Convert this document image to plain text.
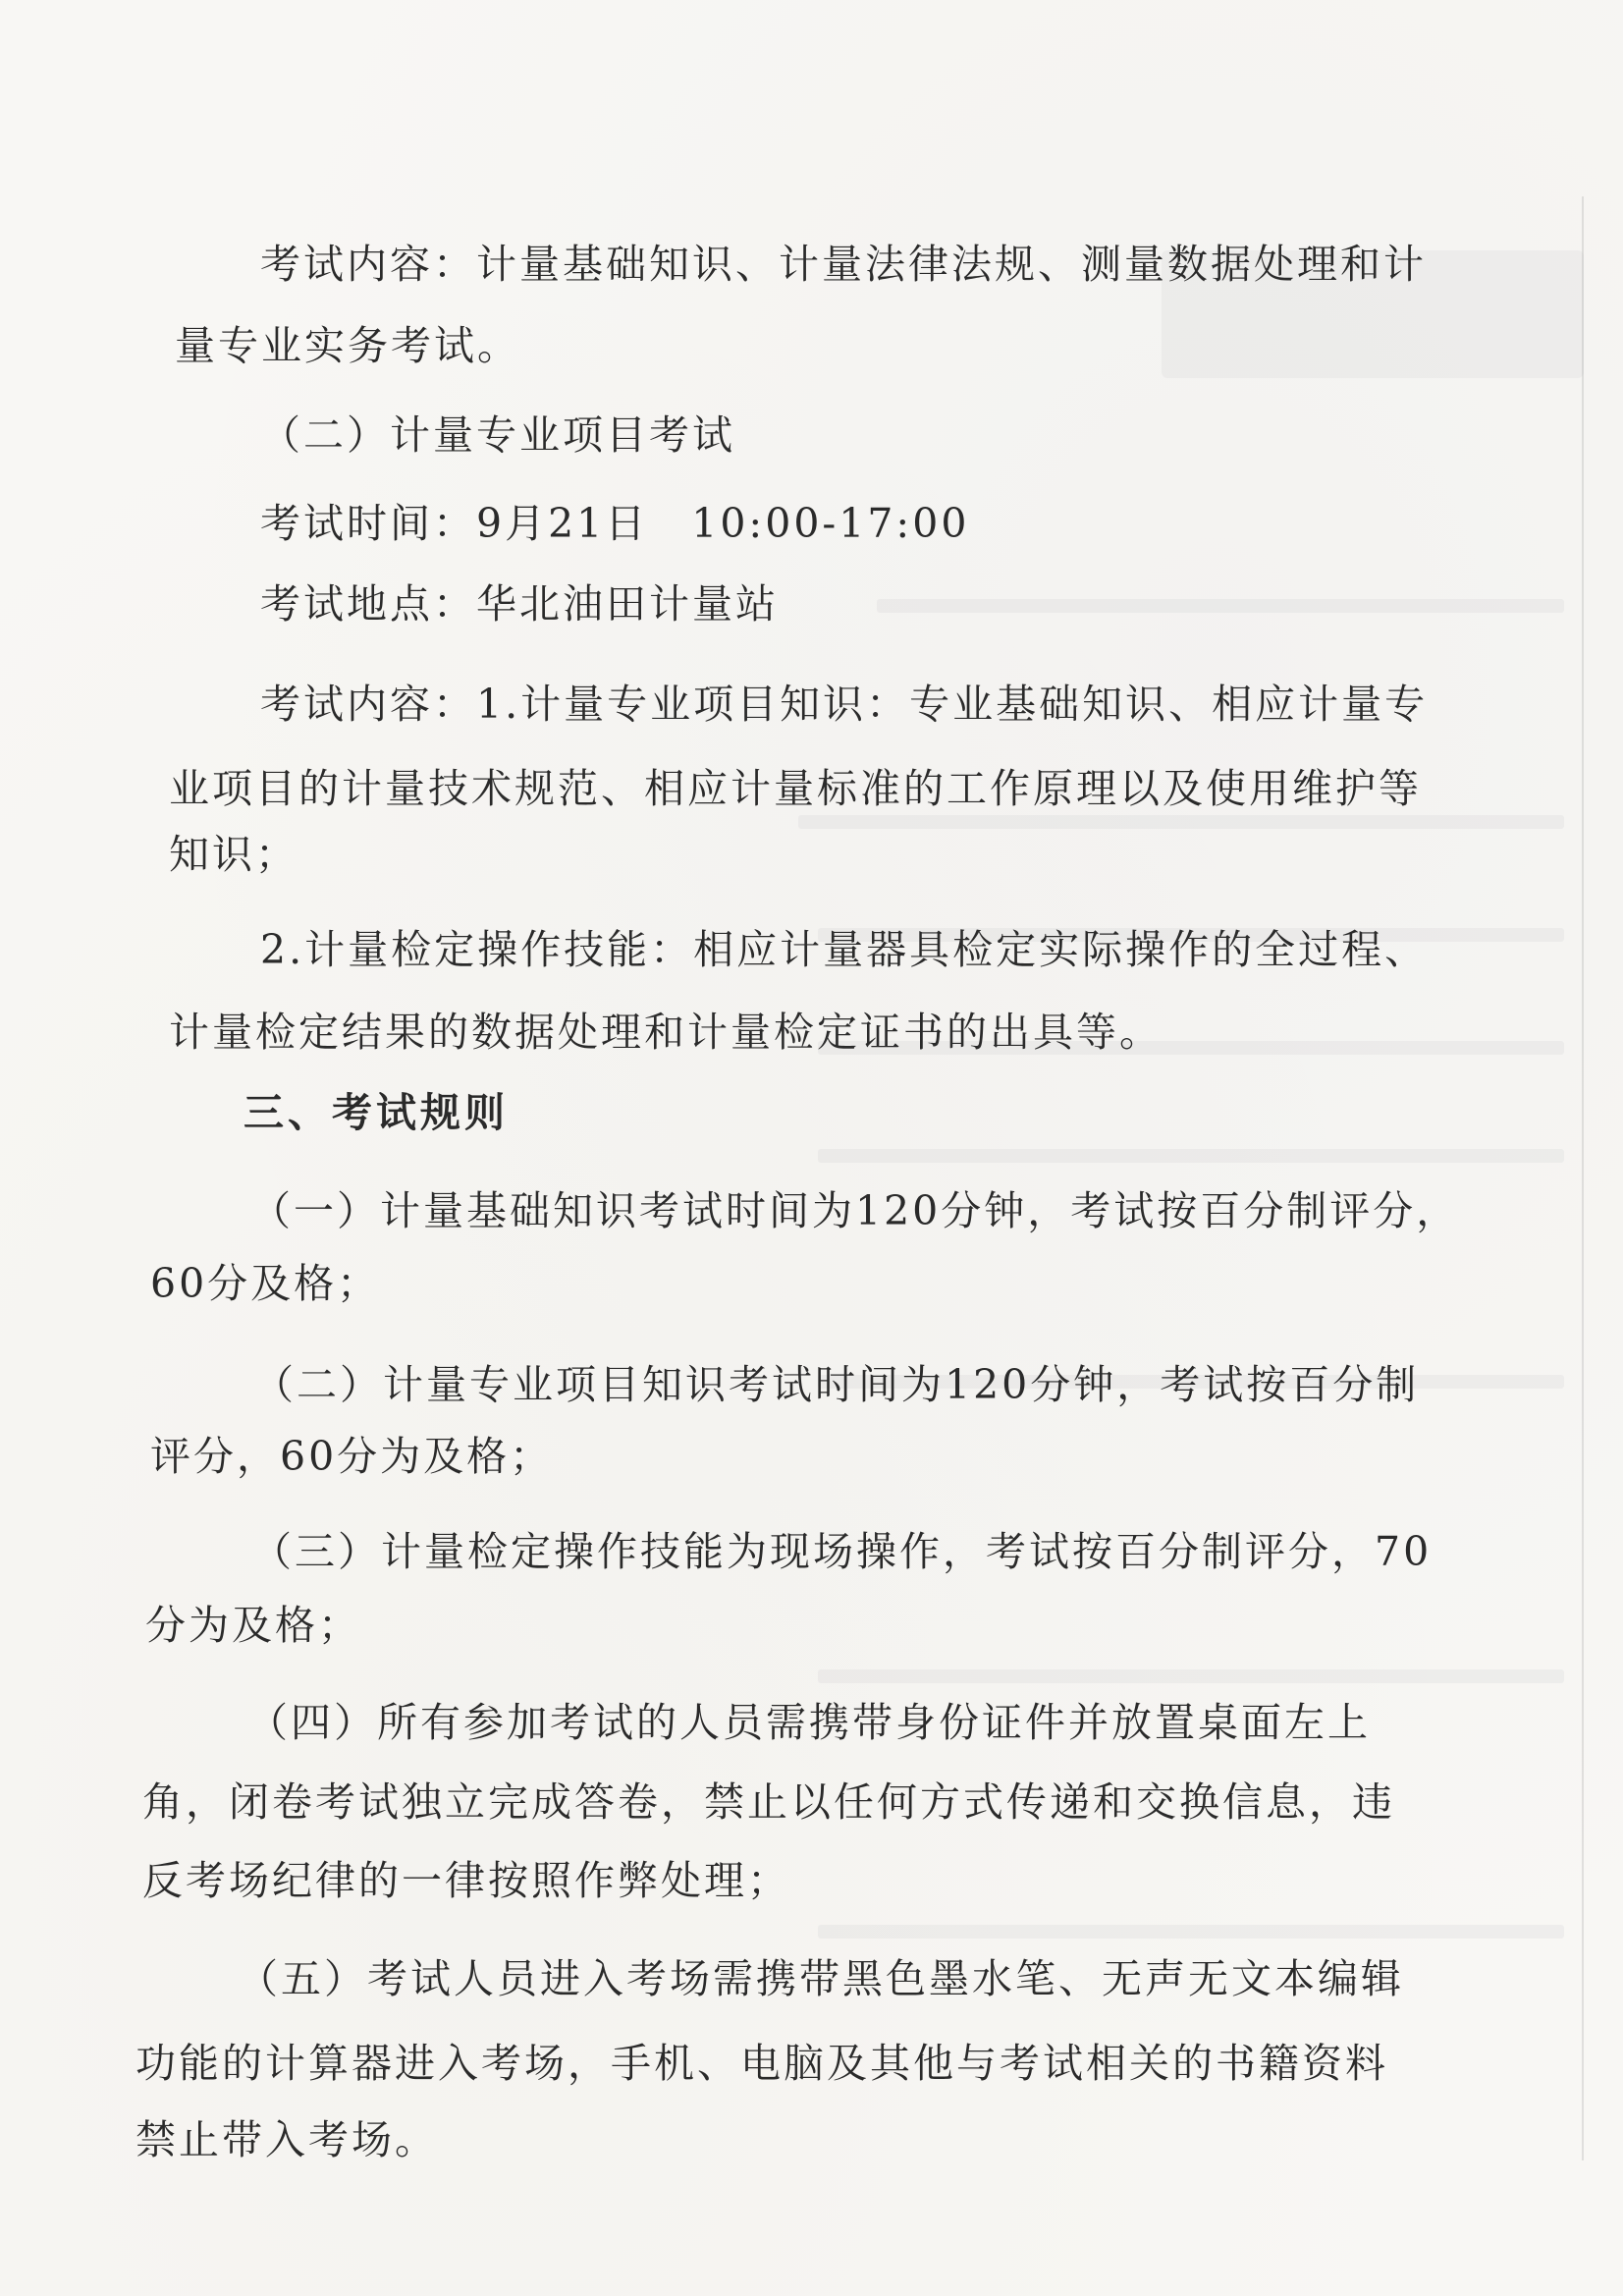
考试内容：计量基础知识、计量法律法规、测量数据处理和计
量专业实务考试。
（二）计量专业项目考试
考试时间：9月21日　10:00-17:00
考试地点：华北油田计量站
考试内容：1.计量专业项目知识：专业基础知识、相应计量专
业项目的计量技术规范、相应计量标准的工作原理以及使用维护等
知识；
2.计量检定操作技能：相应计量器具检定实际操作的全过程、
计量检定结果的数据处理和计量检定证书的出具等。
三、考试规则
（一）计量基础知识考试时间为120分钟，考试按百分制评分，
60分及格；
（二）计量专业项目知识考试时间为120分钟，考试按百分制
评分，60分为及格；
（三）计量检定操作技能为现场操作，考试按百分制评分，70
分为及格；
（四）所有参加考试的人员需携带身份证件并放置桌面左上
角，闭卷考试独立完成答卷，禁止以任何方式传递和交换信息，违
反考场纪律的一律按照作弊处理；
（五）考试人员进入考场需携带黑色墨水笔、无声无文本编辑
功能的计算器进入考场，手机、电脑及其他与考试相关的书籍资料
禁止带入考场。
